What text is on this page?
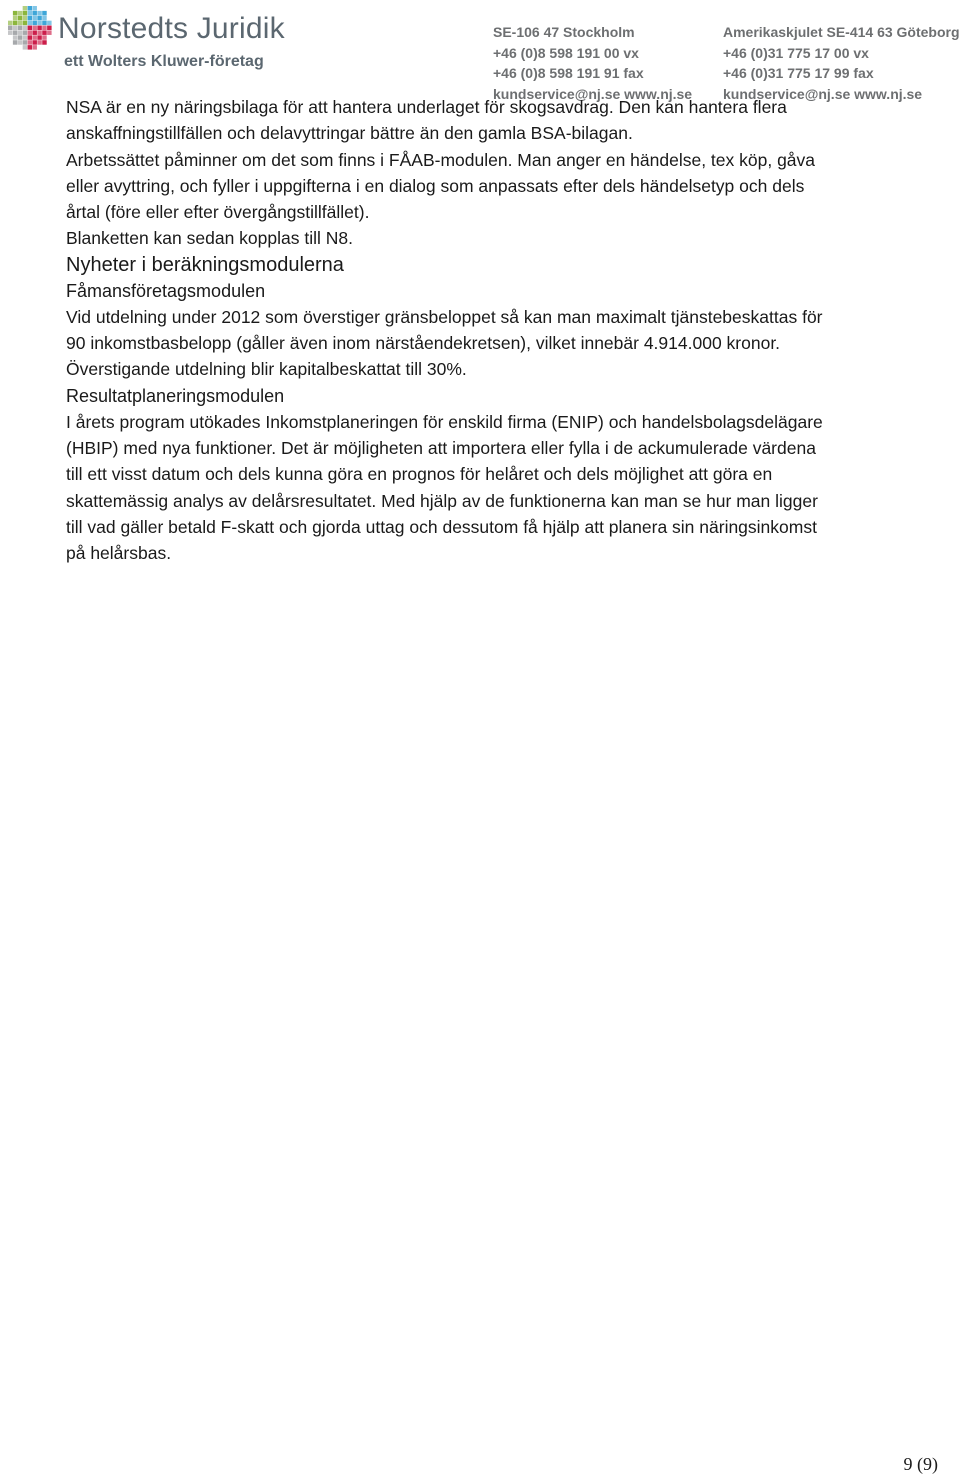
Norstedts Juridik
ett Wolters Kluwer-företag
SE-106 47 Stockholm
+46 (0)8 598 191 00 vx
+46 (0)8 598 191 91 fax
kundservice@nj.se www.nj.se
Amerikaskjulet SE-414 63 Göteborg
+46 (0)31 775 17 00 vx
+46 (0)31 775 17 99 fax
kundservice@nj.se www.nj.se

NSA är en ny näringsbilaga för att hantera underlaget för skogsavdrag. Den kan hantera flera

anskaffningstillfällen och delavyttringar bättre än den gamla BSA-bilagan.

Arbetssättet påminner om det som finns i FÅAB-modulen. Man anger en händelse, tex köp, gåva

eller avyttring, och fyller i uppgifterna i en dialog som anpassats efter dels händelsetyp och dels

årtal (före eller efter övergångstillfället).

Blanketten kan sedan kopplas till N8.

Nyheter i beräkningsmodulerna

Fåmansföretagsmodulen

Vid utdelning under 2012 som överstiger gränsbeloppet så kan man maximalt tjänstebeskattas för

90 inkomstbasbelopp (gåller även inom närståendekretsen), vilket innebär 4.914.000 kronor.

Överstigande utdelning blir kapitalbeskattat till 30%.

Resultatplaneringsmodulen

I årets program utökades Inkomstplaneringen för enskild firma (ENIP) och handelsbolagsdelägare

(HBIP) med nya funktioner. Det är möjligheten att importera eller fylla i de ackumulerade värdena

till ett visst datum och dels kunna göra en prognos för helåret och dels möjlighet att göra en

skattemässig analys av delårsresultatet. Med hjälp av de funktionerna kan man se hur man ligger

till vad gäller betald F-skatt och gjorda uttag och dessutom få hjälp att planera sin näringsinkomst

på helårsbas.

9 (9)
